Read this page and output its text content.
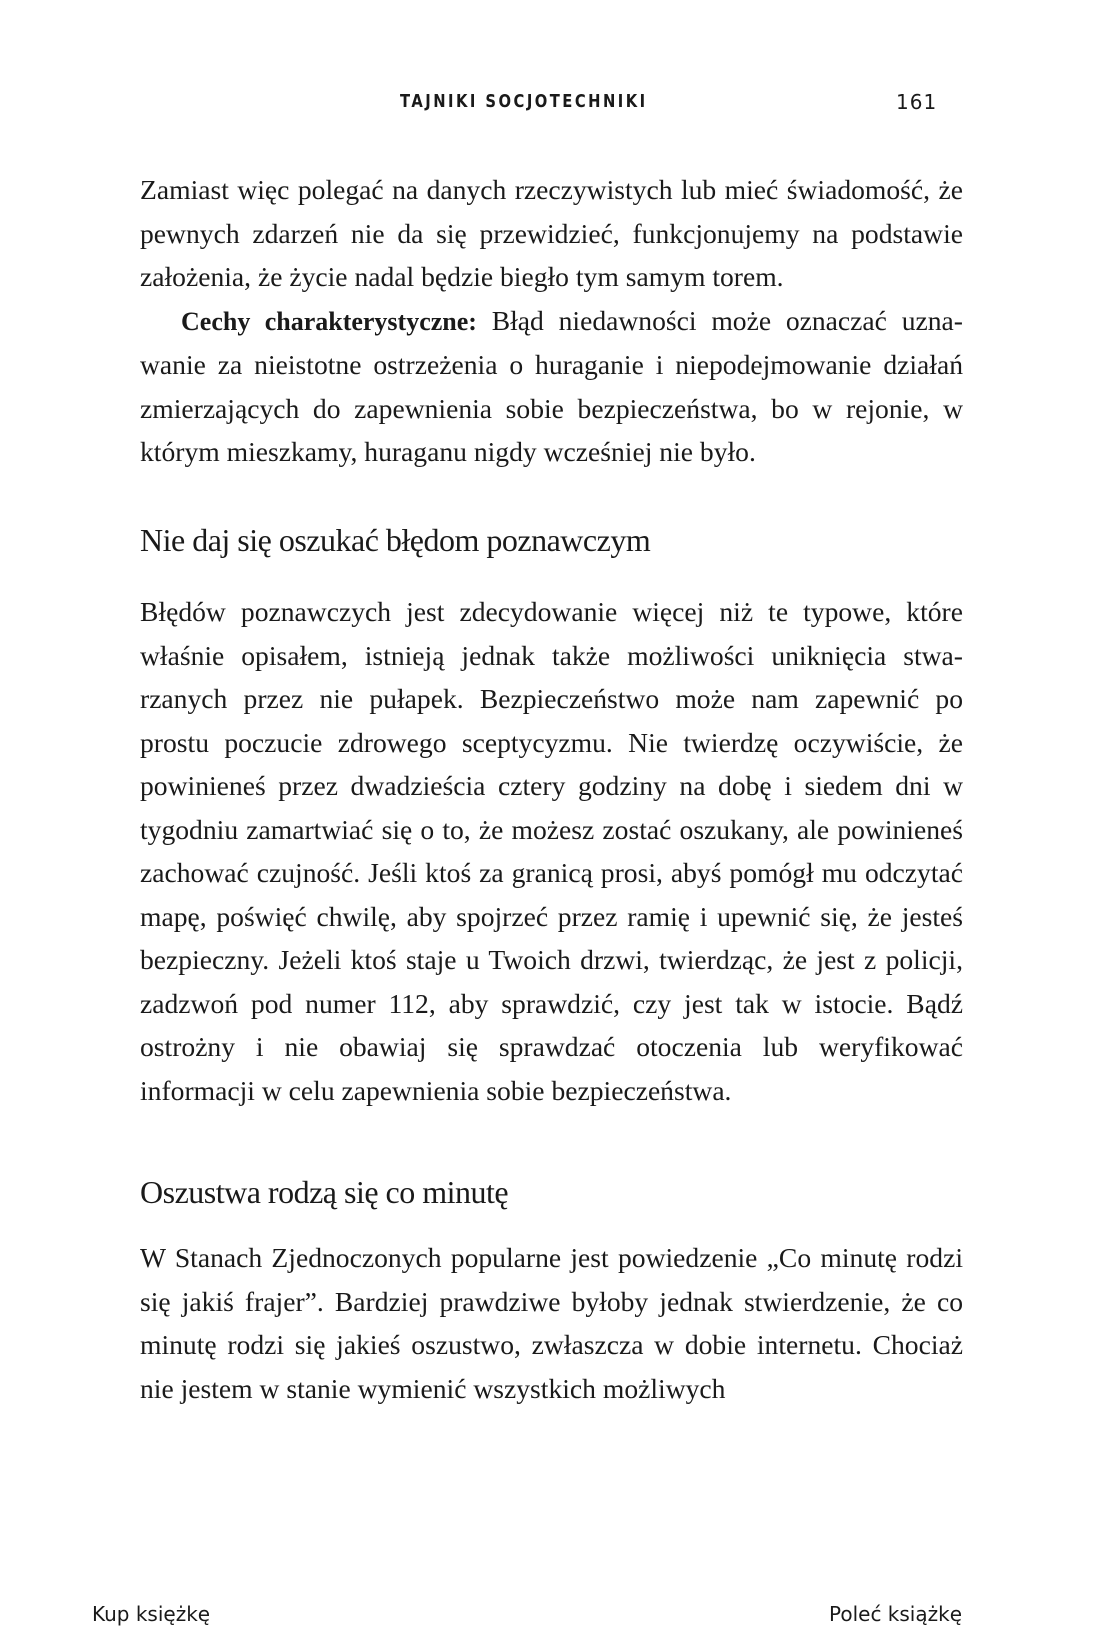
TAJNIKI SOCJOTECHNIKI	161

Zamiast więc polegać na danych rzeczywistych lub mieć świadomość, że pewnych zdarzeń nie da się przewidzieć, funkcjonujemy na podstawie założenia, że życie nadal będzie biegło tym samym torem.

Cechy charakterystyczne: Błąd niedawności może oznaczać uznawanie za nieistotne ostrzeżenia o huraganie i niepodejmowanie działań zmierzających do zapewnienia sobie bezpieczeństwa, bo w rejonie, w którym mieszkamy, huraganu nigdy wcześniej nie było.

Nie daj się oszukać błędom poznawczym

Błędów poznawczych jest zdecydowanie więcej niż te typowe, które właśnie opisałem, istnieją jednak także możliwości uniknięcia stwarzanych przez nie pułapek. Bezpieczeństwo może nam zapewnić po prostu poczucie zdrowego sceptycyzmu. Nie twierdzę oczywiście, że powinieneś przez dwadzieścia cztery godziny na dobę i siedem dni w tygodniu zamartwiać się o to, że możesz zostać oszukany, ale powinieneś zachować czujność. Jeśli ktoś za granicą prosi, abyś pomógł mu odczytać mapę, poświęć chwilę, aby spojrzeć przez ramię i upewnić się, że jesteś bezpieczny. Jeżeli ktoś staje u Twoich drzwi, twierdząc, że jest z policji, zadzwoń pod numer 112, aby sprawdzić, czy jest tak w istocie. Bądź ostrożny i nie obawiaj się sprawdzać otoczenia lub weryfikować informacji w celu zapewnienia sobie bezpieczeństwa.

Oszustwa rodzą się co minutę

W Stanach Zjednoczonych popularne jest powiedzenie „Co minutę rodzi się jakiś frajer”. Bardziej prawdziwe byłoby jednak stwierdzenie, że co minutę rodzi się jakieś oszustwo, zwłaszcza w dobie internetu. Chociaż nie jestem w stanie wymienić wszystkich możliwych

Kup księżkę	Poleć książkę
